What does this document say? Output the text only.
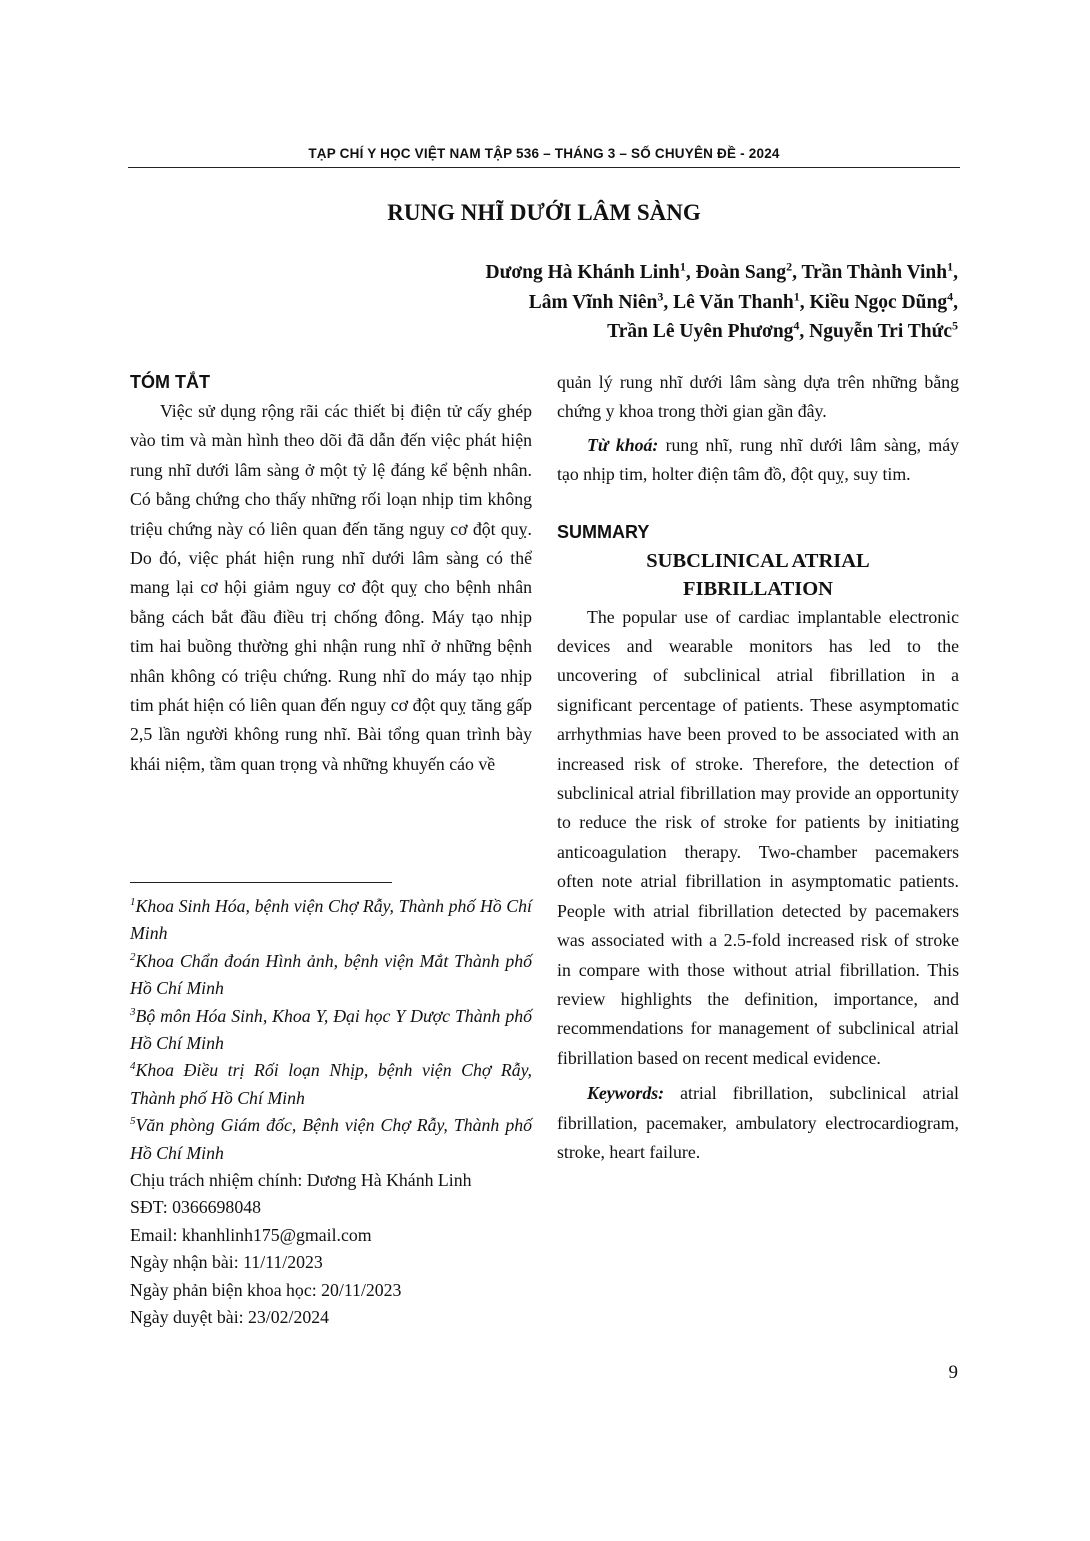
TẠP CHÍ Y HỌC VIỆT NAM TẬP 536 – THÁNG 3 – SỐ CHUYÊN ĐỀ - 2024
RUNG NHĨ DƯỚI LÂM SÀNG
Dương Hà Khánh Linh$^1$, Đoàn Sang$^2$, Trần Thành Vinh$^1$,
Lâm Vĩnh Niên$^3$, Lê Văn Thanh$^1$, Kiều Ngọc Dũng$^4$,
Trần Lê Uyên Phương$^4$, Nguyễn Tri Thức$^5$
TÓM TẮT

Việc sử dụng rộng rãi các thiết bị điện tử cấy ghép vào tim và màn hình theo dõi đã dẫn đến việc phát hiện rung nhĩ dưới lâm sàng ở một tỷ lệ đáng kể bệnh nhân. Có bằng chứng cho thấy những rối loạn nhịp tim không triệu chứng này có liên quan đến tăng nguy cơ đột quỵ. Do đó, việc phát hiện rung nhĩ dưới lâm sàng có thể mang lại cơ hội giảm nguy cơ đột quỵ cho bệnh nhân bằng cách bắt đầu điều trị chống đông. Máy tạo nhịp tim hai buồng thường ghi nhận rung nhĩ ở những bệnh nhân không có triệu chứng. Rung nhĩ do máy tạo nhịp tim phát hiện có liên quan đến nguy cơ đột quỵ tăng gấp 2,5 lần người không rung nhĩ. Bài tổng quan trình bày khái niệm, tầm quan trọng và những khuyến cáo về

$^1$Khoa Sinh Hóa, bệnh viện Chợ Rẫy, Thành phố Hồ Chí Minh

$^2$Khoa Chẩn đoán Hình ảnh, bệnh viện Mắt Thành phố Hồ Chí Minh

$^3$Bộ môn Hóa Sinh, Khoa Y, Đại học Y Dược Thành phố Hồ Chí Minh

$^4$Khoa Điều trị Rối loạn Nhịp, bệnh viện Chợ Rẫy, Thành phố Hồ Chí Minh

$^5$Văn phòng Giám đốc, Bệnh viện Chợ Rẫy, Thành phố Hồ Chí Minh

Chịu trách nhiệm chính: Dương Hà Khánh Linh

SĐT: 0366698048

Email: khanhlinh175@gmail.com

Ngày nhận bài: 11/11/2023

Ngày phản biện khoa học: 20/11/2023

Ngày duyệt bài: 23/02/2024

quản lý rung nhĩ dưới lâm sàng dựa trên những bằng chứng y khoa trong thời gian gần đây.

Từ khoá: rung nhĩ, rung nhĩ dưới lâm sàng, máy tạo nhịp tim, holter điện tâm đồ, đột quỵ, suy tim.

SUMMARY

SUBCLINICAL ATRIAL
FIBRILLATION

The popular use of cardiac implantable electronic devices and wearable monitors has led to the uncovering of subclinical atrial fibrillation in a significant percentage of patients. These asymptomatic arrhythmias have been proved to be associated with an increased risk of stroke. Therefore, the detection of subclinical atrial fibrillation may provide an opportunity to reduce the risk of stroke for patients by initiating anticoagulation therapy. Two-chamber pacemakers often note atrial fibrillation in asymptomatic patients. People with atrial fibrillation detected by pacemakers was associated with a 2.5-fold increased risk of stroke in compare with those without atrial fibrillation. This review highlights the definition, importance, and recommendations for management of subclinical atrial fibrillation based on recent medical evidence.

Keywords: atrial fibrillation, subclinical atrial fibrillation, pacemaker, ambulatory electrocardiogram, stroke, heart failure.

9
